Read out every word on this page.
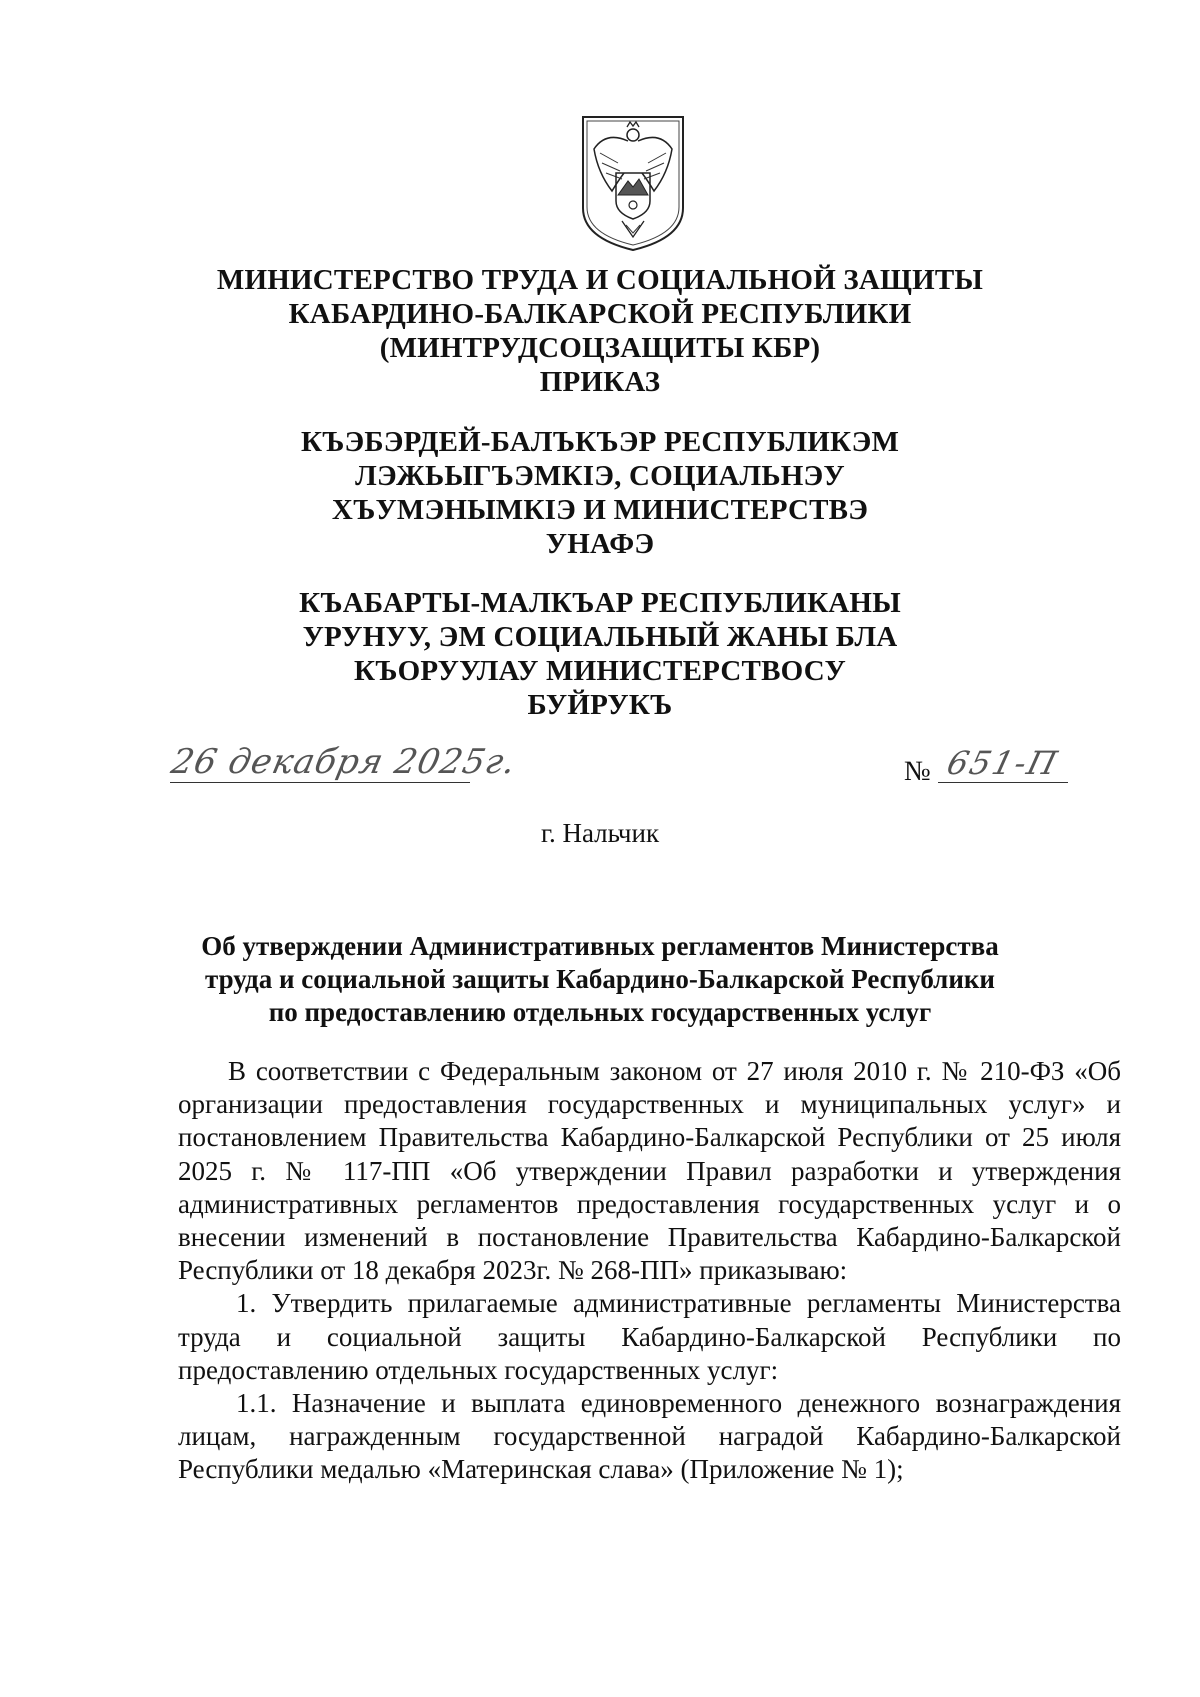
МИНИСТЕРСТВО ТРУДА И СОЦИАЛЬНОЙ ЗАЩИТЫ
КАБАРДИНО-БАЛКАРСКОЙ РЕСПУБЛИКИ
(МИНТРУДСОЦЗАЩИТЫ КБР)
ПРИКАЗ
КЪЭБЭРДЕЙ-БАЛЪКЪЭР РЕСПУБЛИКЭМ
ЛЭЖЬЫГЪЭМКIЭ, СОЦИАЛЬНЭУ
ХЪУМЭНЫМКIЭ И МИНИСТЕРСТВЭ
УНАФЭ
КЪАБАРТЫ-МАЛКЪАР РЕСПУБЛИКАНЫ
УРУНУУ, ЭМ СОЦИАЛЬНЫЙ ЖАНЫ БЛА
КЪОРУУЛАУ МИНИСТЕРСТВОСУ
БУЙРУКЪ
26 декабря 2025г.	№ 651-П
г. Нальчик
Об утверждении Административных регламентов Министерства
труда и социальной защиты Кабардино-Балкарской Республики
по предоставлению отдельных государственных услуг
В соответствии с Федеральным законом от 27 июля 2010 г. № 210-ФЗ «Об организации предоставления государственных и муниципальных услуг» и постановлением Правительства Кабардино-Балкарской Республики от 25 июля 2025 г. № 117-ПП «Об утверждении Правил разработки и утверждения административных регламентов предоставления государственных услуг и о внесении изменений в постановление Правительства Кабардино-Балкарской Республики от 18 декабря 2023г. № 268-ПП» приказываю:
1. Утвердить прилагаемые административные регламенты Министерства труда и социальной защиты Кабардино-Балкарской Республики по предоставлению отдельных государственных услуг:
1.1. Назначение и выплата единовременного денежного вознаграждения лицам, награжденным государственной наградой Кабардино-Балкарской Республики медалью «Материнская слава» (Приложение № 1);
